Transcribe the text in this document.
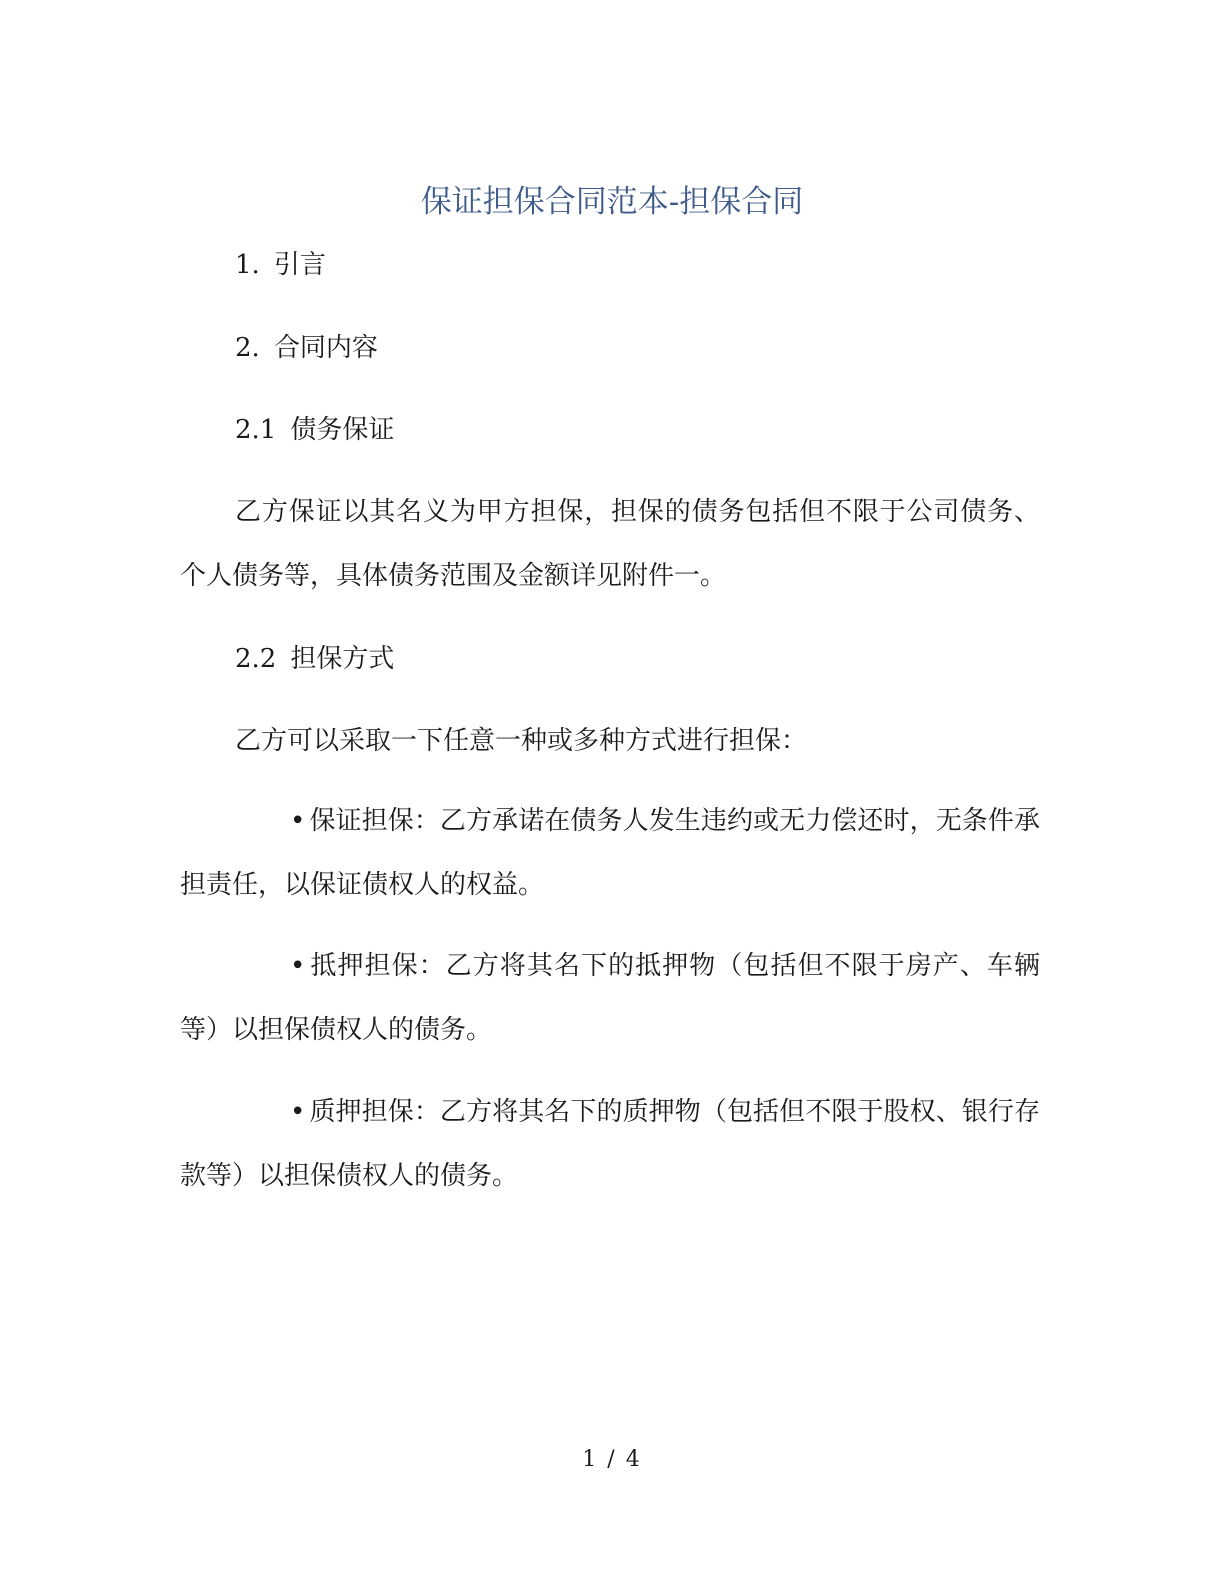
保证担保合同范本-担保合同
1. 引言
2. 合同内容
2.1 债务保证
乙方保证以其名义为甲方担保，担保的债务包括但不限于公司债务、个人债务等，具体债务范围及金额详见附件一。
2.2 担保方式
乙方可以采取一下任意一种或多种方式进行担保：
• 保证担保：乙方承诺在债务人发生违约或无力偿还时，无条件承担责任，以保证债权人的权益。
• 抵押担保：乙方将其名下的抵押物（包括但不限于房产、车辆等）以担保债权人的债务。
• 质押担保：乙方将其名下的质押物（包括但不限于股权、银行存款等）以担保债权人的债务。
1 / 4
